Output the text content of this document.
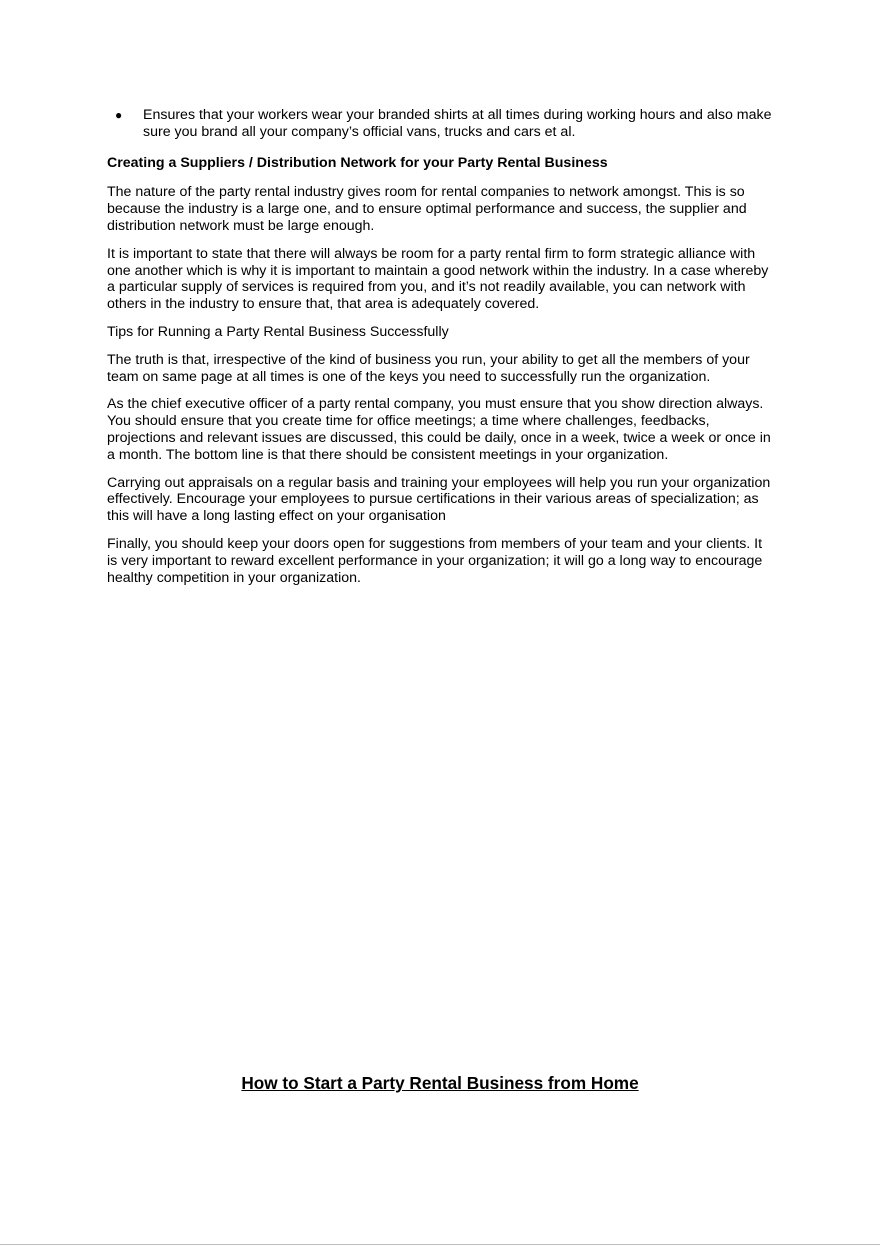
● Ensures that your workers wear your branded shirts at all times during working hours and also make sure you brand all your company’s official vans, trucks and cars et al.
Creating a Suppliers / Distribution Network for your Party Rental Business

The nature of the party rental industry gives room for rental companies to network amongst. This is so because the industry is a large one, and to ensure optimal performance and success, the supplier and distribution network must be large enough.

It is important to state that there will always be room for a party rental firm to form strategic alliance with one another which is why it is important to maintain a good network within the industry. In a case whereby a particular supply of services is required from you, and it’s not readily available, you can network with others in the industry to ensure that, that area is adequately covered.

Tips for Running a Party Rental Business Successfully

The truth is that, irrespective of the kind of business you run, your ability to get all the members of your team on same page at all times is one of the keys you need to successfully run the organization.

As the chief executive officer of a party rental company, you must ensure that you show direction always. You should ensure that you create time for office meetings; a time where challenges, feedbacks, projections and relevant issues are discussed, this could be daily, once in a week, twice a week or once in a month. The bottom line is that there should be consistent meetings in your organization.

Carrying out appraisals on a regular basis and training your employees will help you run your organization effectively. Encourage your employees to pursue certifications in their various areas of specialization; as this will have a long lasting effect on your organisation

Finally, you should keep your doors open for suggestions from members of your team and your clients. It is very important to reward excellent performance in your organization; it will go a long way to encourage healthy competition in your organization.

How to Start a Party Rental Business from Home
